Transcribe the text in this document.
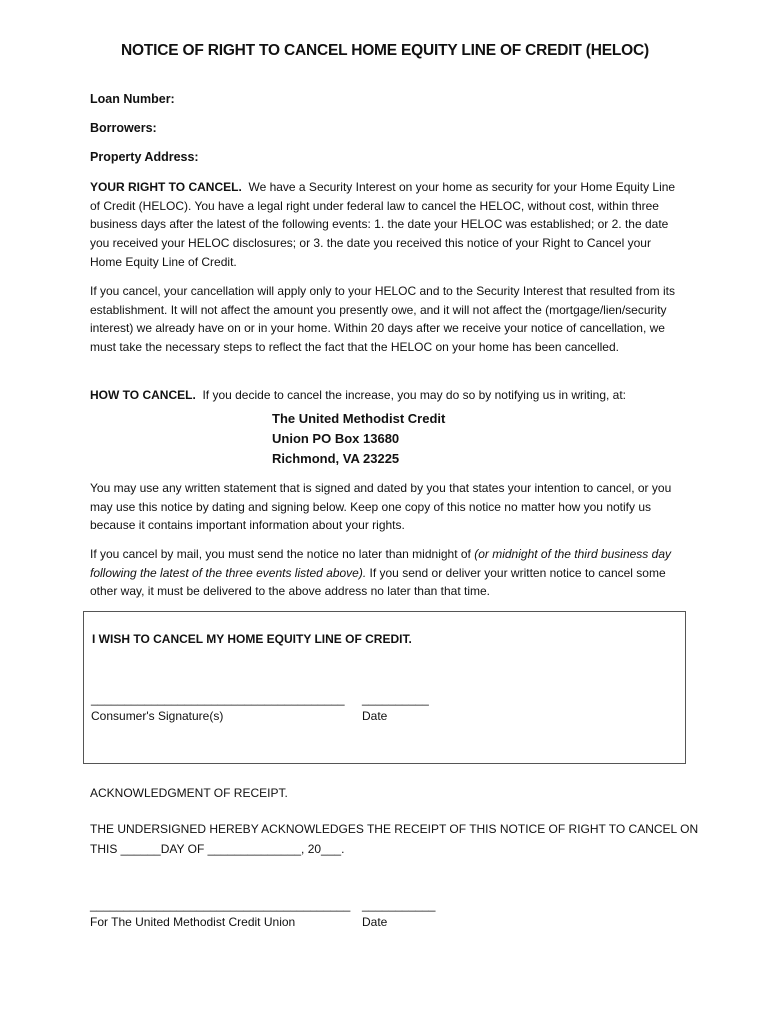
NOTICE OF RIGHT TO CANCEL HOME EQUITY LINE OF CREDIT (HELOC)
Loan Number:
Borrowers:
Property Address:

YOUR RIGHT TO CANCEL. We have a Security Interest on your home as security for your Home Equity Line of Credit (HELOC). You have a legal right under federal law to cancel the HELOC, without cost, within three business days after the latest of the following events: 1. the date your HELOC was established; or 2. the date you received your HELOC disclosures; or 3. the date you received this notice of your Right to Cancel your Home Equity Line of Credit.

If you cancel, your cancellation will apply only to your HELOC and to the Security Interest that resulted from its establishment. It will not affect the amount you presently owe, and it will not affect the (mortgage/lien/security interest) we already have on or in your home. Within 20 days after we receive your notice of cancellation, we must take the necessary steps to reflect the fact that the HELOC on your home has been cancelled.

HOW TO CANCEL. If you decide to cancel the increase, you may do so by notifying us in writing, at:

The United Methodist Credit
Union PO Box 13680
Richmond, VA 23225

You may use any written statement that is signed and dated by you that states your intention to cancel, or you may use this notice by dating and signing below. Keep one copy of this notice no matter how you notify us because it contains important information about your rights.

If you cancel by mail, you must send the notice no later than midnight of (or midnight of the third business day following the latest of the three events listed above). If you send or deliver your written notice to cancel some other way, it must be delivered to the above address no later than that time.

I WISH TO CANCEL MY HOME EQUITY LINE OF CREDIT.
______________________________________
Consumer's Signature(s)
__________
Date
ACKNOWLEDGMENT OF RECEIPT.
THE UNDERSIGNED HEREBY ACKNOWLEDGES THE RECEIPT OF THIS NOTICE OF RIGHT TO CANCEL ON
THIS ______DAY OF ______________, 20___.
_______________________________________
For The United Methodist Credit Union
___________
Date
